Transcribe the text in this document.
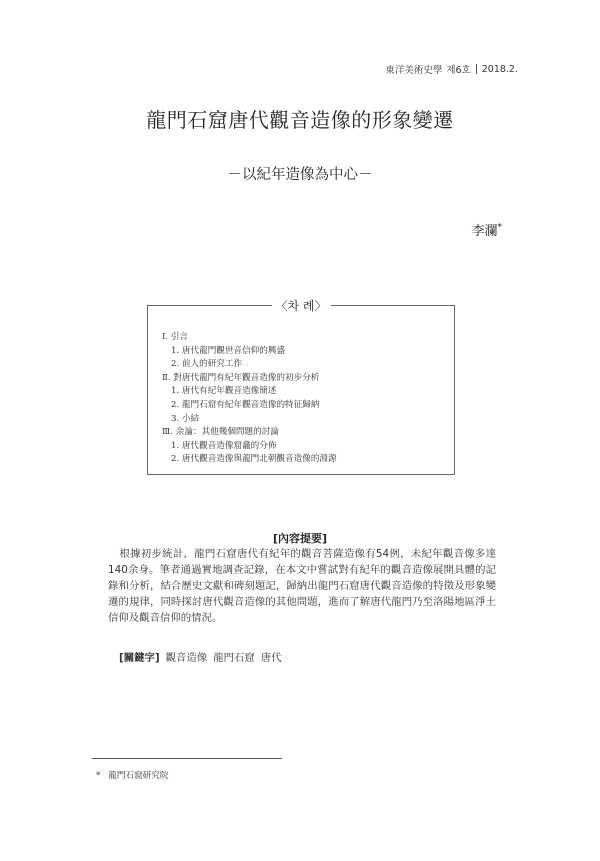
東洋美術史學 제6호 2018.2.
龍門石窟唐代觀音造像的形象變遷
－以紀年造像為中心－
李瀾*
〈차 례〉
Ⅰ. 引言
1. 唐代龍門觀世音信仰的興盛
2. 前人的研究工作
Ⅱ. 對唐代龍門有紀年觀音造像的初步分析
1. 唐代有紀年觀音造像簡述
2. 龍門石窟有紀年觀音造像的特征歸納
3. 小結
Ⅲ. 余論：其他幾個問題的討論
1. 唐代觀音造像窟龕的分佈
2. 唐代觀音造像與龍門北朝觀音造像的淵源
[內容提要]

根據初步統計，龍門石窟唐代有紀年的觀音菩薩造像有54例，未紀年觀音像多達140余身。筆者通過實地調查記錄，在本文中嘗試對有紀年的觀音造像展開具體的記錄和分析，結合歷史文獻和碑刻題記，歸納出龍門石窟唐代觀音造像的特徵及形象變遷的規律，同時探討唐代觀音造像的其他問題，進而了解唐代龍門乃至洛陽地區淨土信仰及觀音信仰的情況。

[關鍵字] 觀音造像 龍門石窟 唐代
* 龍門石窟研究院
